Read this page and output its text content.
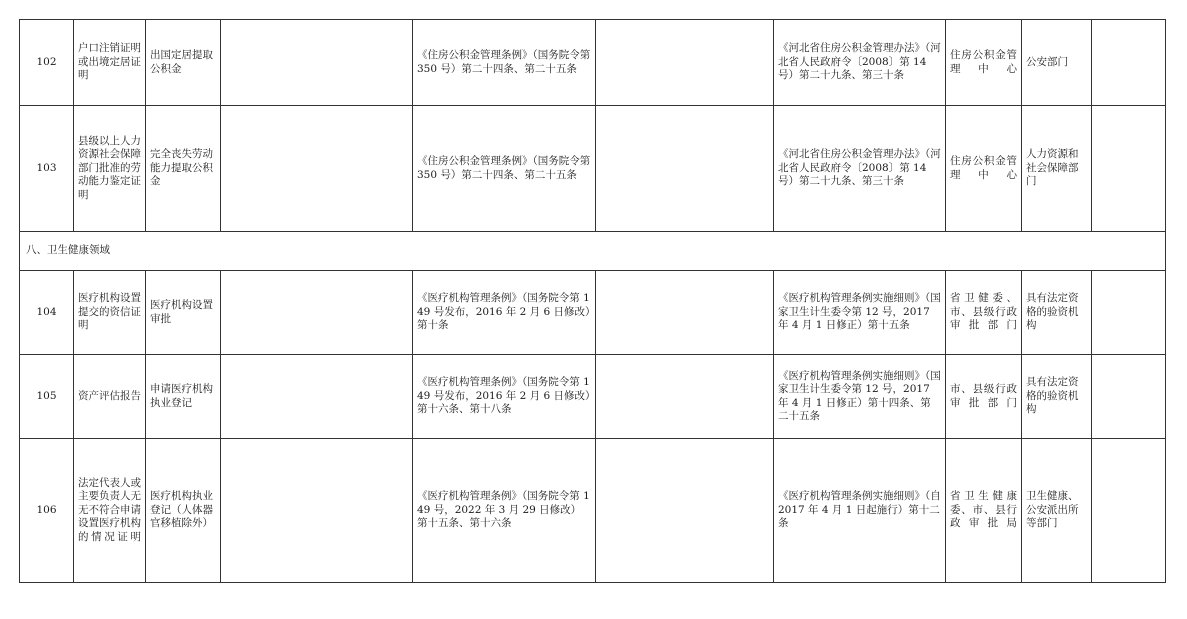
102	户口注销证明或出境定居证明	出国定居提取公积金		《住房公积金管理条例》（国务院令第 350 号）第二十四条、第二十五条		《河北省住房公积金管理办法》（河北省人民政府令〔2008〕第 14 号）第二十九条、第三十条	住房公积金管理中心	公安部门	
103	县级以上人力资源社会保障部门批准的劳动能力鉴定证明	完全丧失劳动能力提取公积金		《住房公积金管理条例》（国务院令第 350 号）第二十四条、第二十五条		《河北省住房公积金管理办法》（河北省人民政府令〔2008〕第 14 号）第二十九条、第三十条	住房公积金管理中心	人力资源和社会保障部门	
八、卫生健康领域									
104	医疗机构设置提交的资信证明	医疗机构设置审批		《医疗机构管理条例》（国务院令第 149 号发布，2016 年 2 月 6 日修改）第十条		《医疗机构管理条例实施细则》（国家卫生计生委令第 12 号，2017 年 4 月 1 日修正）第十五条	省卫健委、市、县级行政审批部门	具有法定资格的验资机构	
105	资产评估报告	申请医疗机构执业登记		《医疗机构管理条例》（国务院令第 149 号发布，2016 年 2 月 6 日修改）第十六条、第十八条		《医疗机构管理条例实施细则》（国家卫生计生委令第 12 号，2017 年 4 月 1 日修正）第十四条、第二十五条	市、县级行政审批部门	具有法定资格的验资机构	
106	法定代表人或主要负责人无无不符合申请设置医疗机构的情况证明	医疗机构执业登记（人体器官移植除外）		《医疗机构管理条例》（国务院令第 149 号，2022 年 3 月 29 日修改）第十五条、第十六条		《医疗机构管理条例实施细则》（自 2017 年 4 月 1 日起施行）第十二条	省卫生健康委、市、县行政审批局	卫生健康、公安派出所等部门	
